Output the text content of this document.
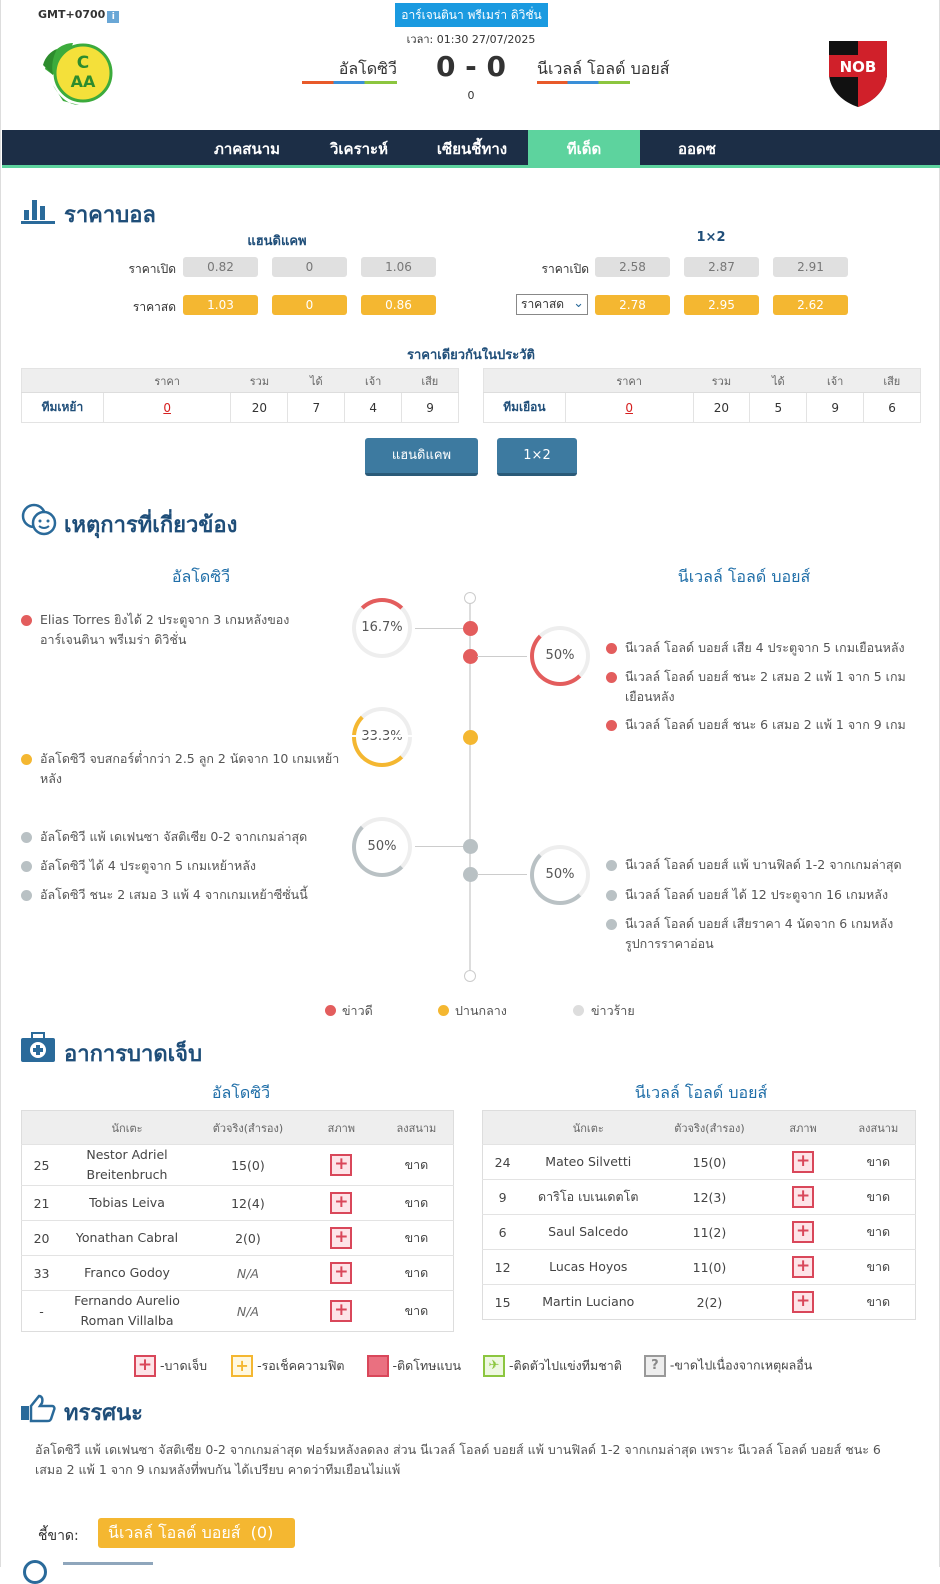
GMT+0700 i	อาร์เจนตินา พรีเมร่า ดิวิชั่น
เวลา: 01:30 27/07/2025
C
AA
NOB
อัลโดซิวี	0 - 0
0
นีเวลล์ โอลด์ บอยส์
ภาคสนาม	วิเคราะห์	เซียนชี้ทาง	ทีเด็ด	ออดซ
ราคาบอล
แฮนดิแคพ	1×2
ราคาเปิด	0.82	0	1.06
ราคาสด	1.03	0	0.86
ราคาเปิด	2.58	2.87	2.91
ราคาสด ⌄	2.78	2.95	2.62
ราคาเดียวกันในประวัติ
	ราคา	รวม	ได้	เจ้า	เสีย
ทีมเหย้า	0	20	7	4	9
	ราคา	รวม	ได้	เจ้า	เสีย
ทีมเยือน	0	20	5	9	6
แฮนดิแคพ	1×2
เหตุการที่เกี่ยวข้อง
อัลโดซิวี	นีเวลล์ โอลด์ บอยส์
Elias Torres ยิงได้ 2 ประตูจาก 3 เกมหลังของ อาร์เจนตินา พรีเมร่า ดิวิชั่น
16.7%
50%
นีเวลล์ โอลด์ บอยส์ เสีย 4 ประตูจาก 5 เกมเยือนหลัง
นีเวลล์ โอลด์ บอยส์ ชนะ 2 เสมอ 2 แพ้ 1 จาก 5 เกมเยือนหลัง
นีเวลล์ โอลด์ บอยส์ ชนะ 6 เสมอ 2 แพ้ 1 จาก 9 เกม
อัลโดซิวี จบสกอร์ต่ำกว่า 2.5 ลูก 2 นัดจาก 10 เกมเหย้าหลัง
อัลโดซิวี แพ้ เดเฟนซา จัสติเซีย 0-2 จากเกมล่าสุด
อัลโดซิวี ได้ 4 ประตูจาก 5 เกมเหย้าหลัง
อัลโดซิวี ชนะ 2 เสมอ 3 แพ้ 4 จากเกมเหย้าซีซั่นนี้
50%
50%
นีเวลล์ โอลด์ บอยส์ แพ้ บานฟิลด์ 1-2 จากเกมล่าสุด
นีเวลล์ โอลด์ บอยส์ ได้ 12 ประตูจาก 16 เกมหลัง
นีเวลล์ โอลด์ บอยส์ เสียราคา 4 นัดจาก 6 เกมหลัง รูปการราคาอ่อน
ข่าวดี	ปานกลาง	ข่าวร้าย
อาการบาดเจ็บ
อัลโดซิวี	นีเวลล์ โอลด์ บอยส์
	นักเตะ	ตัวจริง(สำรอง)	สภาพ	ลงสนาม
25	Nestor Adriel Breitenbruch	15(0)	+	ขาด
21	Tobias Leiva	12(4)	+	ขาด
20	Yonathan Cabral	2(0)	+	ขาด
33	Franco Godoy	N/A	+	ขาด
-	Fernando Aurelio Roman Villalba	N/A	+	ขาด
	นักเตะ	ตัวจริง(สำรอง)	สภาพ	ลงสนาม
24	Mateo Silvetti	15(0)	+	ขาด
9	ดาริโอ เบเนเดตโต	12(3)	+	ขาด
6	Saul Salcedo	11(2)	+	ขาด
12	Lucas Hoyos	11(0)	+	ขาด
15	Martin Luciano	2(2)	+	ขาด
+ -บาดเจ็บ + -รอเช็คความฟิต	-ติดโทษแบน ✈ -ติดตัวไปแข่งทีมชาติ ? -ขาดไปเนื่องจากเหตุผลอื่น
ทรรศนะ
อัลโดซิวี แพ้ เดเฟนซา จัสติเซีย 0-2 จากเกมล่าสุด ฟอร์มหลังลดลง ส่วน นีเวลล์ โอลด์ บอยส์ แพ้ บานฟิลด์ 1-2 จากเกมล่าสุด เพราะ นีเวลล์ โอลด์ บอยส์ ชนะ 6 เสมอ 2 แพ้ 1 จาก 9 เกมหลังที่พบกัน ได้เปรียบ คาดว่าทีมเยือนไม่แพ้
ชี้ขาด:	นีเวลล์ โอลด์ บอยส์  (0)
